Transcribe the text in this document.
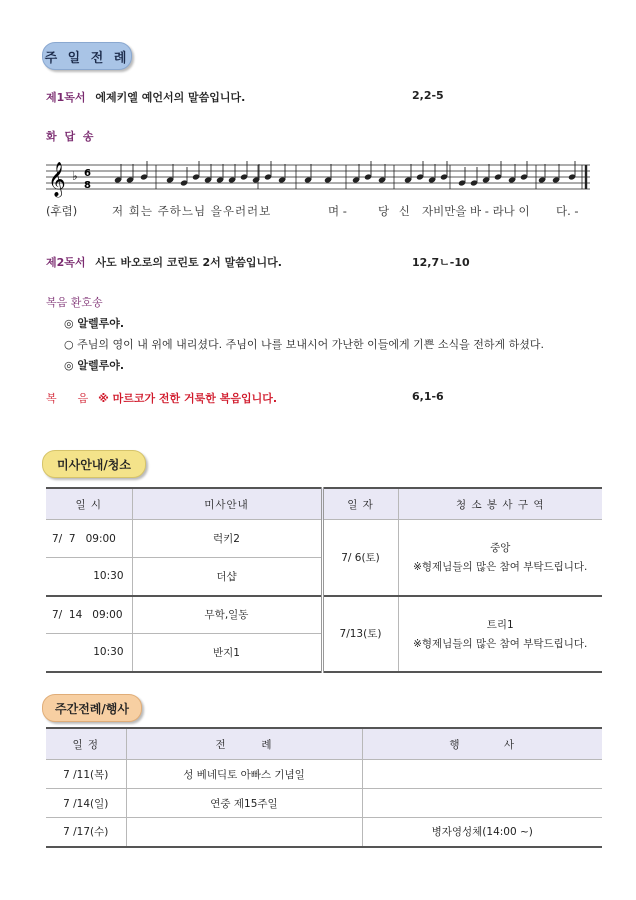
주 일 전 례
제1독서 에제키엘 예언서의 말씀입니다.	2,2-5
화 답 송
𝄞 ♭ 6
8
(후렴)	저 희는 주하느님 을우러러보	며 -	당 신 자비만을 바 - 라나 이 다. -
제2독서 사도 바오로의 코린토 2서 말씀입니다.	12,7ㄴ-10
복음 환호송
◎ 알렐루야.
○ 주님의 영이 내 위에 내리셨다. 주님이 나를 보내시어 가난한 이들에게 기쁜 소식을 전하게 하셨다.
◎ 알렐루야.
복      음 ※ 마르코가 전한 거룩한 복음입니다.	6,1-6
미사안내/청소
일 시	미사안내	일 자	청 소 봉 사 구 역
7/  7   09:00	럭키2	7/ 6(토)	중앙
※형제님들의 많은 참여 부탁드립니다.

10:30	더샵		
7/  14   09:00	무학,일동	7/13(토)	트리1
※형제님들의 많은 참여 부탁드립니다.

10:30	반지1		
주간전례/행사
일 정	전        례	행          사
7 /11(목)	성 베네딕토 아빠스 기념일	
7 /14(일)	연중 제15주일	
7 /17(수)		병자영성체(14:00 ~)
